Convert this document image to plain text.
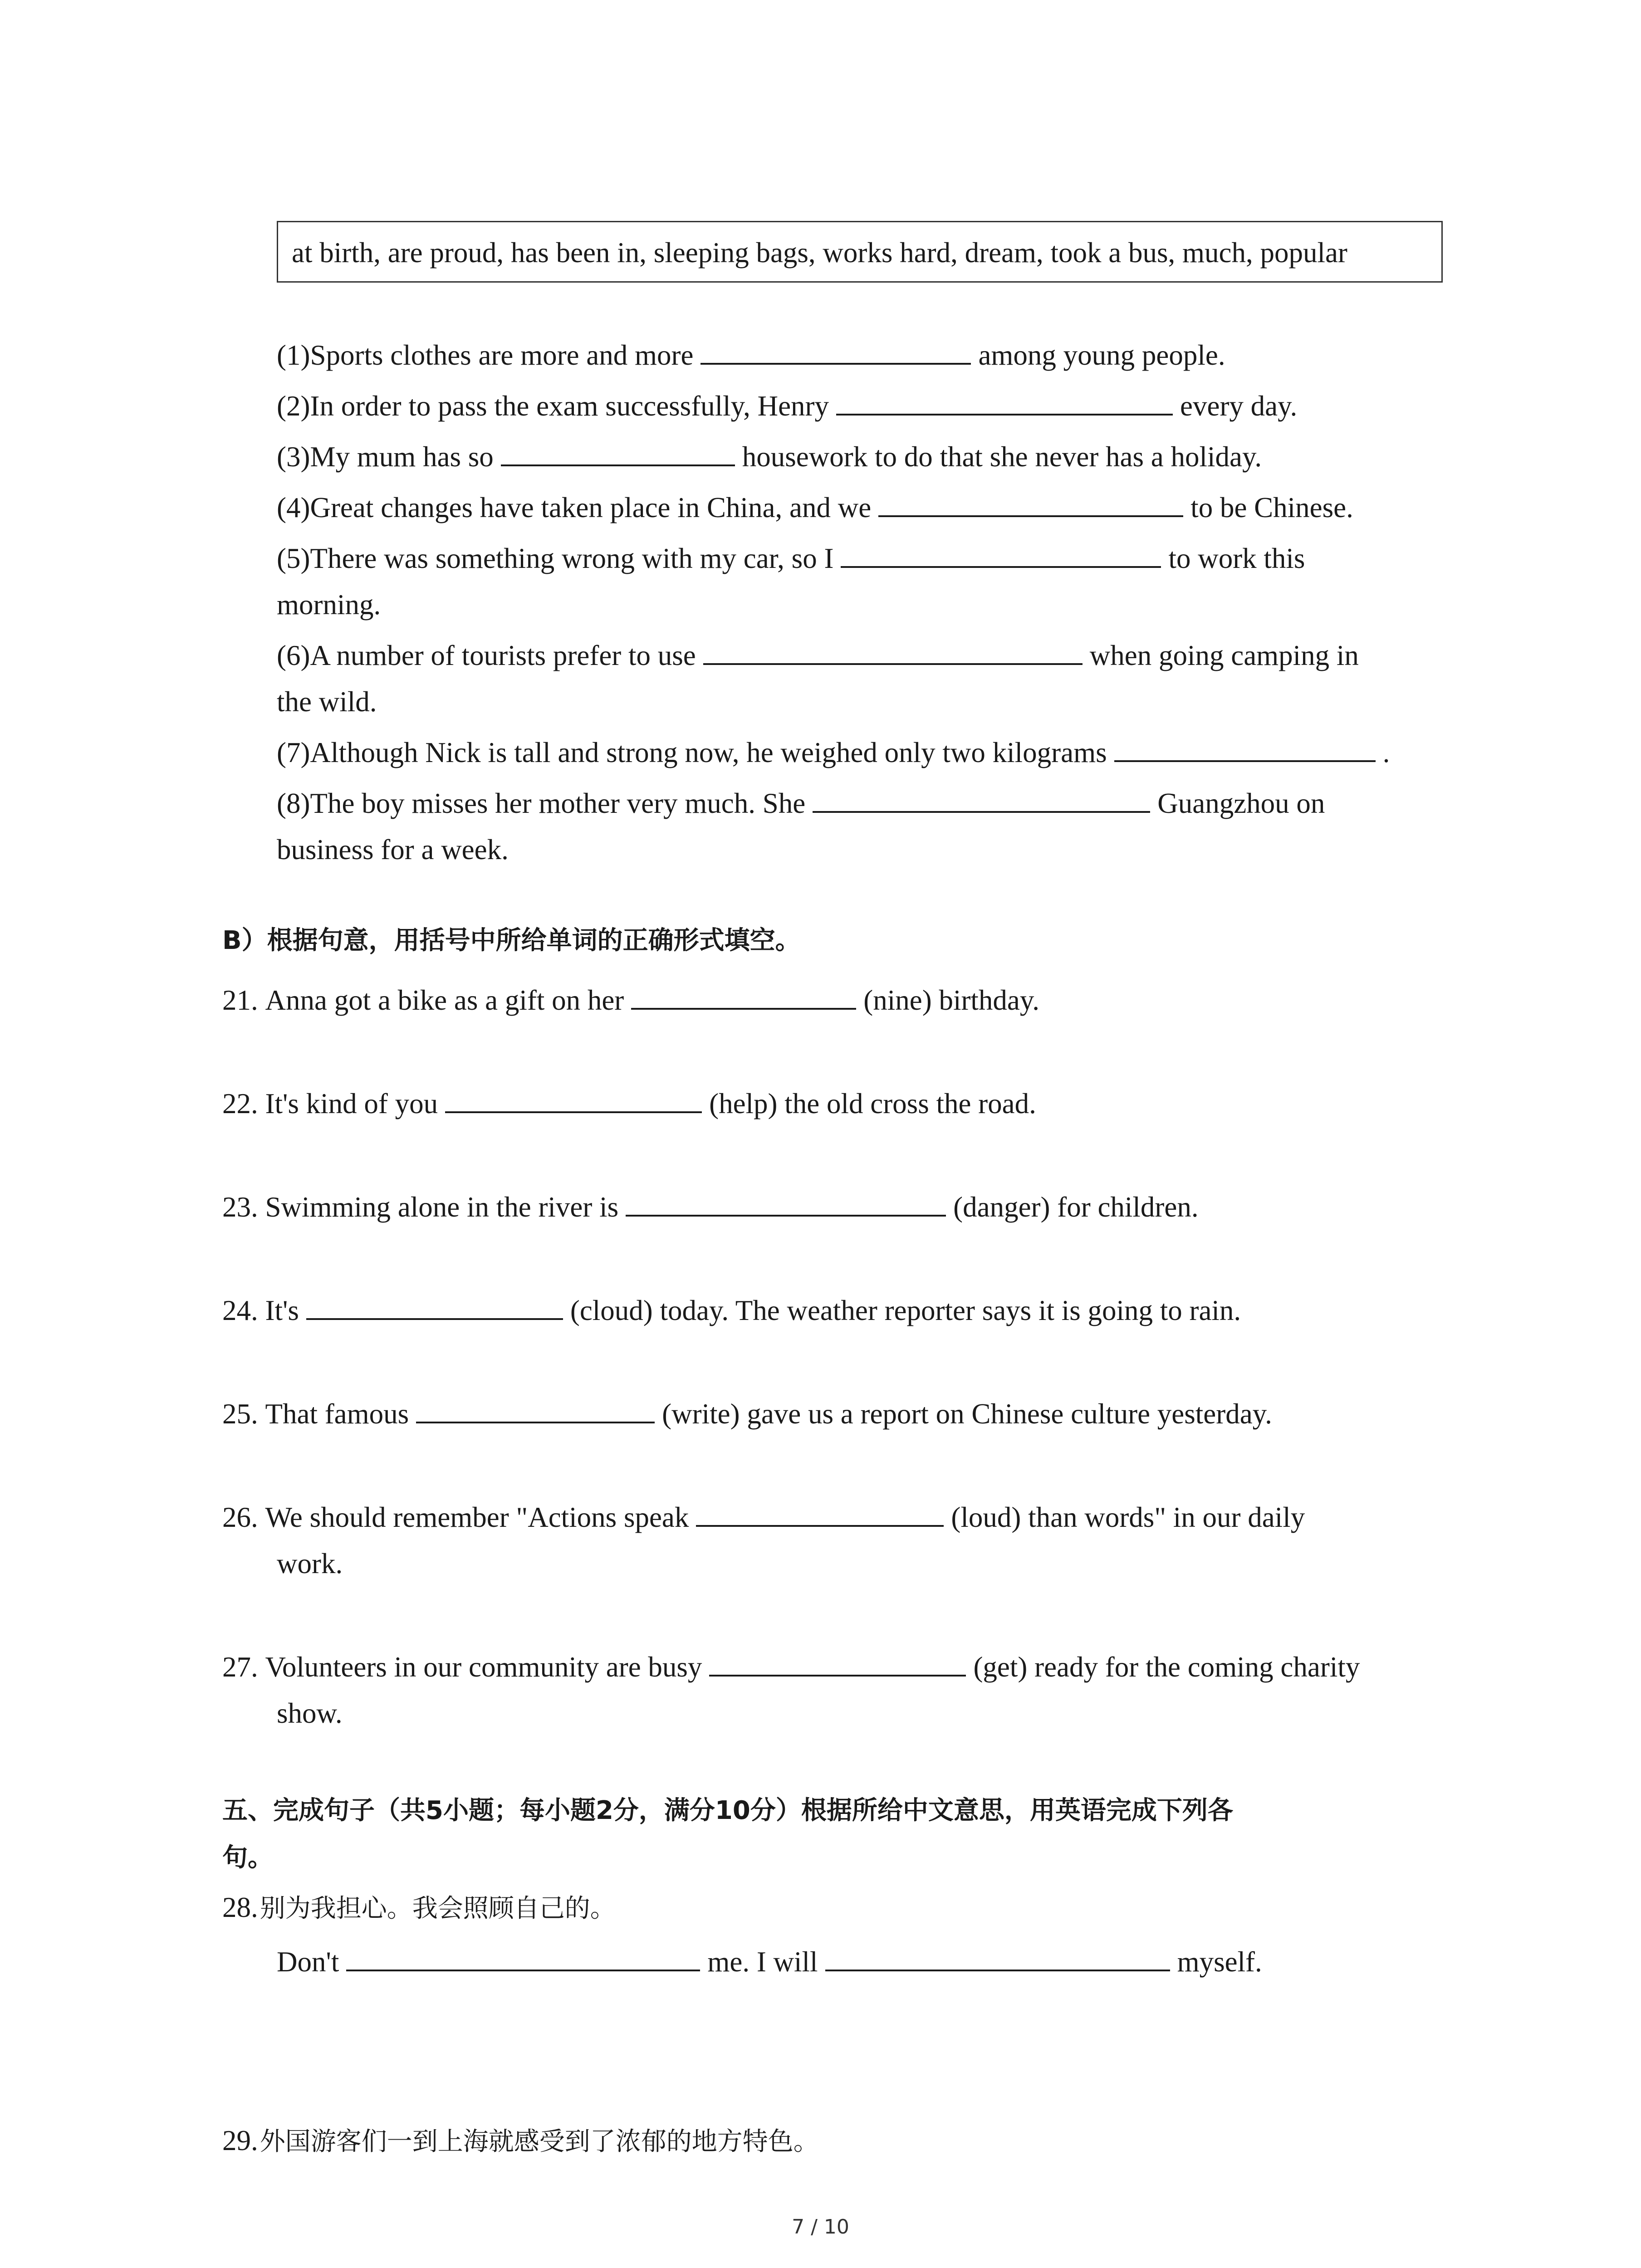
at birth, are proud, has been in, sleeping bags, works hard, dream, took a bus, much, popular
(1)Sports clothes are more and more	among young people.
(2)In order to pass the exam successfully, Henry	every day.
(3)My mum has so	housework to do that she never has a holiday.
(4)Great changes have taken place in China, and we	to be Chinese.
(5)There was something wrong with my car, so I	to work this
morning.
(6)A number of tourists prefer to use	when going camping in
the wild.
(7)Although Nick is tall and strong now, he weighed only two kilograms	.
(8)The boy misses her mother very much. She	Guangzhou on
business for a week.
B）根据句意，用括号中所给单词的正确形式填空。
21. Anna got a bike as a gift on her	(nine) birthday.
22. It's kind of you	(help) the old cross the road.
23. Swimming alone in the river is	(danger) for children.
24. It's	(cloud) today. The weather reporter says it is going to rain.
25. That famous	(write) gave us a report on Chinese culture yesterday.
26. We should remember "Actions speak	(loud) than words" in our daily
work.
27. Volunteers in our community are busy	(get) ready for the coming charity
show.
五、完成句子（共5小题；每小题2分，满分10分）根据所给中文意思，用英语完成下列各
句。
28. 别为我担心。我会照顾自己的。
Don't	me. I will	myself.
29. 外国游客们一到上海就感受到了浓郁的地方特色。
7 / 10
